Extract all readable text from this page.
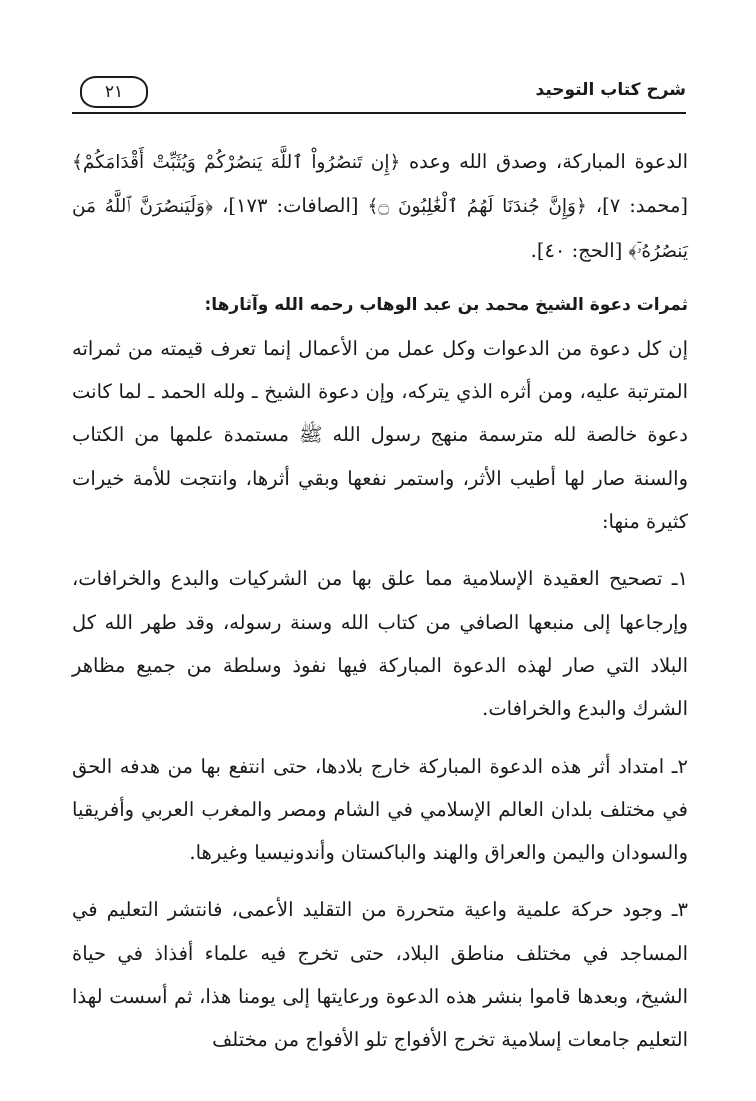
شرح كتاب التوحيد
٢١

الدعوة المباركة، وصدق الله وعده ﴿إِن تَنصُرُواْ ٱللَّهَ يَنصُرْكُمْ وَيُثَبِّتْ أَقْدَامَكُمْ﴾ [محمد: ٧]، ﴿وَإِنَّ جُندَنَا لَهُمُ ٱلْغَٰلِبُونَ ۝﴾ [الصافات: ١٧٣]، ﴿وَلَيَنصُرَنَّ ٱللَّهُ مَن يَنصُرُهُۥٓ﴾ [الحج: ٤٠].

ثمرات دعوة الشيخ محمد بن عبد الوهاب رحمه الله وآثارها:

إن كل دعوة من الدعوات وكل عمل من الأعمال إنما تعرف قيمته من ثمراته المترتبة عليه، ومن أثره الذي يتركه، وإن دعوة الشيخ ـ ولله الحمد ـ لما كانت دعوة خالصة لله مترسمة منهج رسول الله ﷺ مستمدة علمها من الكتاب والسنة صار لها أطيب الأثر، واستمر نفعها وبقي أثرها، وانتجت للأمة خيرات كثيرة منها:

١ـ تصحيح العقيدة الإسلامية مما علق بها من الشركيات والبدع والخرافات، وإرجاعها إلى منبعها الصافي من كتاب الله وسنة رسوله، وقد طهر الله كل البلاد التي صار لهذه الدعوة المباركة فيها نفوذ وسلطة من جميع مظاهر الشرك والبدع والخرافات.

٢ـ امتداد أثر هذه الدعوة المباركة خارج بلادها، حتى انتفع بها من هدفه الحق في مختلف بلدان العالم الإسلامي في الشام ومصر والمغرب العربي وأفريقيا والسودان واليمن والعراق والهند والباكستان وأندونيسيا وغيرها.

٣ـ وجود حركة علمية واعية متحررة من التقليد الأعمى، فانتشر التعليم في المساجد في مختلف مناطق البلاد، حتى تخرج فيه علماء أفذاذ في حياة الشيخ، وبعدها قاموا بنشر هذه الدعوة ورعايتها إلى يومنا هذا، ثم أسست لهذا التعليم جامعات إسلامية تخرج الأفواج تلو الأفواج من مختلف
